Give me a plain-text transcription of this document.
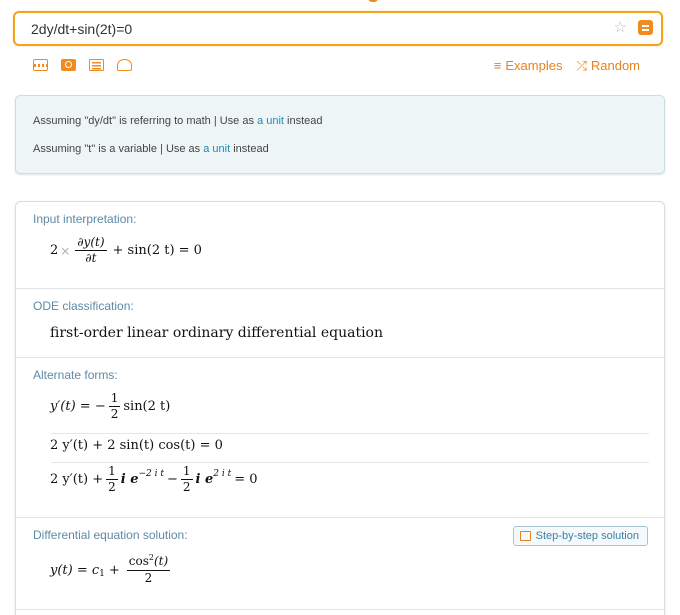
2dy/dt+sin(2t)=0
☆
≡ Examples ⤮ Random
Assuming "dy/dt" is referring to math | Use as a unit instead
Assuming "t" is a variable | Use as a unit instead
Input interpretation:
$2 \times \frac{\partial y(t)}{\partial t} + \sin(2$ t) = 0
ODE classification:
first-order linear ordinary differential equation
Alternate forms:
y′(t) = − $\frac{1}{2} \sin(2$ t)
2 y′(t) + 2 sin(t) cos(t) = 0
2 $y'(t) + \frac{1}{2}$ i e −2 i $t - \frac{1}{2}$ i e 2 i t = 0
Differential equation solution:
y(t) = c $1 + \frac{\cos^2(t)}{2}$
Step-by-step solution
